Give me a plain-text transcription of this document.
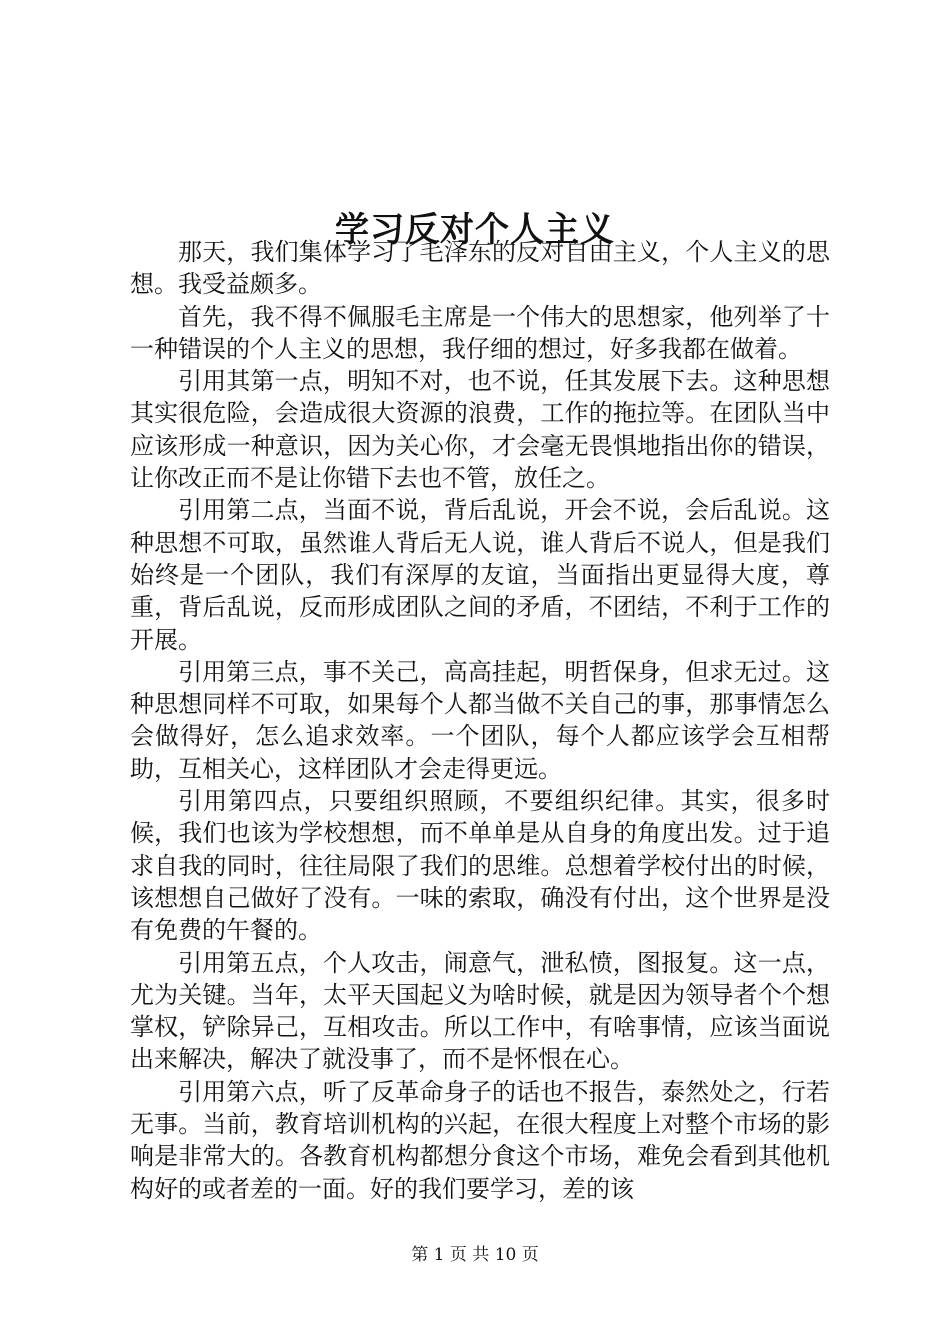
学习反对个人主义

那天，我们集体学习了毛泽东的反对自由主义，个人主义的思想。我受益颇多。

首先，我不得不佩服毛主席是一个伟大的思想家，他列举了十一种错误的个人主义的思想，我仔细的想过，好多我都在做着。

引用其第一点，明知不对，也不说，任其发展下去。这种思想其实很危险，会造成很大资源的浪费，工作的拖拉等。在团队当中应该形成一种意识，因为关心你，才会毫无畏惧地指出你的错误，让你改正而不是让你错下去也不管，放任之。

引用第二点，当面不说，背后乱说，开会不说，会后乱说。这种思想不可取，虽然谁人背后无人说，谁人背后不说人，但是我们始终是一个团队，我们有深厚的友谊，当面指出更显得大度，尊重，背后乱说，反而形成团队之间的矛盾，不团结，不利于工作的开展。

引用第三点，事不关己，高高挂起，明哲保身，但求无过。这种思想同样不可取，如果每个人都当做不关自己的事，那事情怎么会做得好，怎么追求效率。一个团队，每个人都应该学会互相帮助，互相关心，这样团队才会走得更远。

引用第四点，只要组织照顾，不要组织纪律。其实，很多时候，我们也该为学校想想，而不单单是从自身的角度出发。过于追求自我的同时，往往局限了我们的思维。总想着学校付出的时候，该想想自己做好了没有。一味的索取，确没有付出，这个世界是没有免费的午餐的。

引用第五点，个人攻击，闹意气，泄私愤，图报复。这一点，尤为关键。当年，太平天国起义为啥时候，就是因为领导者个个想掌权，铲除异己，互相攻击。所以工作中，有啥事情，应该当面说出来解决，解决了就没事了，而不是怀恨在心。

引用第六点，听了反革命身子的话也不报告，泰然处之，行若无事。当前，教育培训机构的兴起，在很大程度上对整个市场的影响是非常大的。各教育机构都想分食这个市场，难免会看到其他机构好的或者差的一面。好的我们要学习，差的该

第 1 页 共 10 页
